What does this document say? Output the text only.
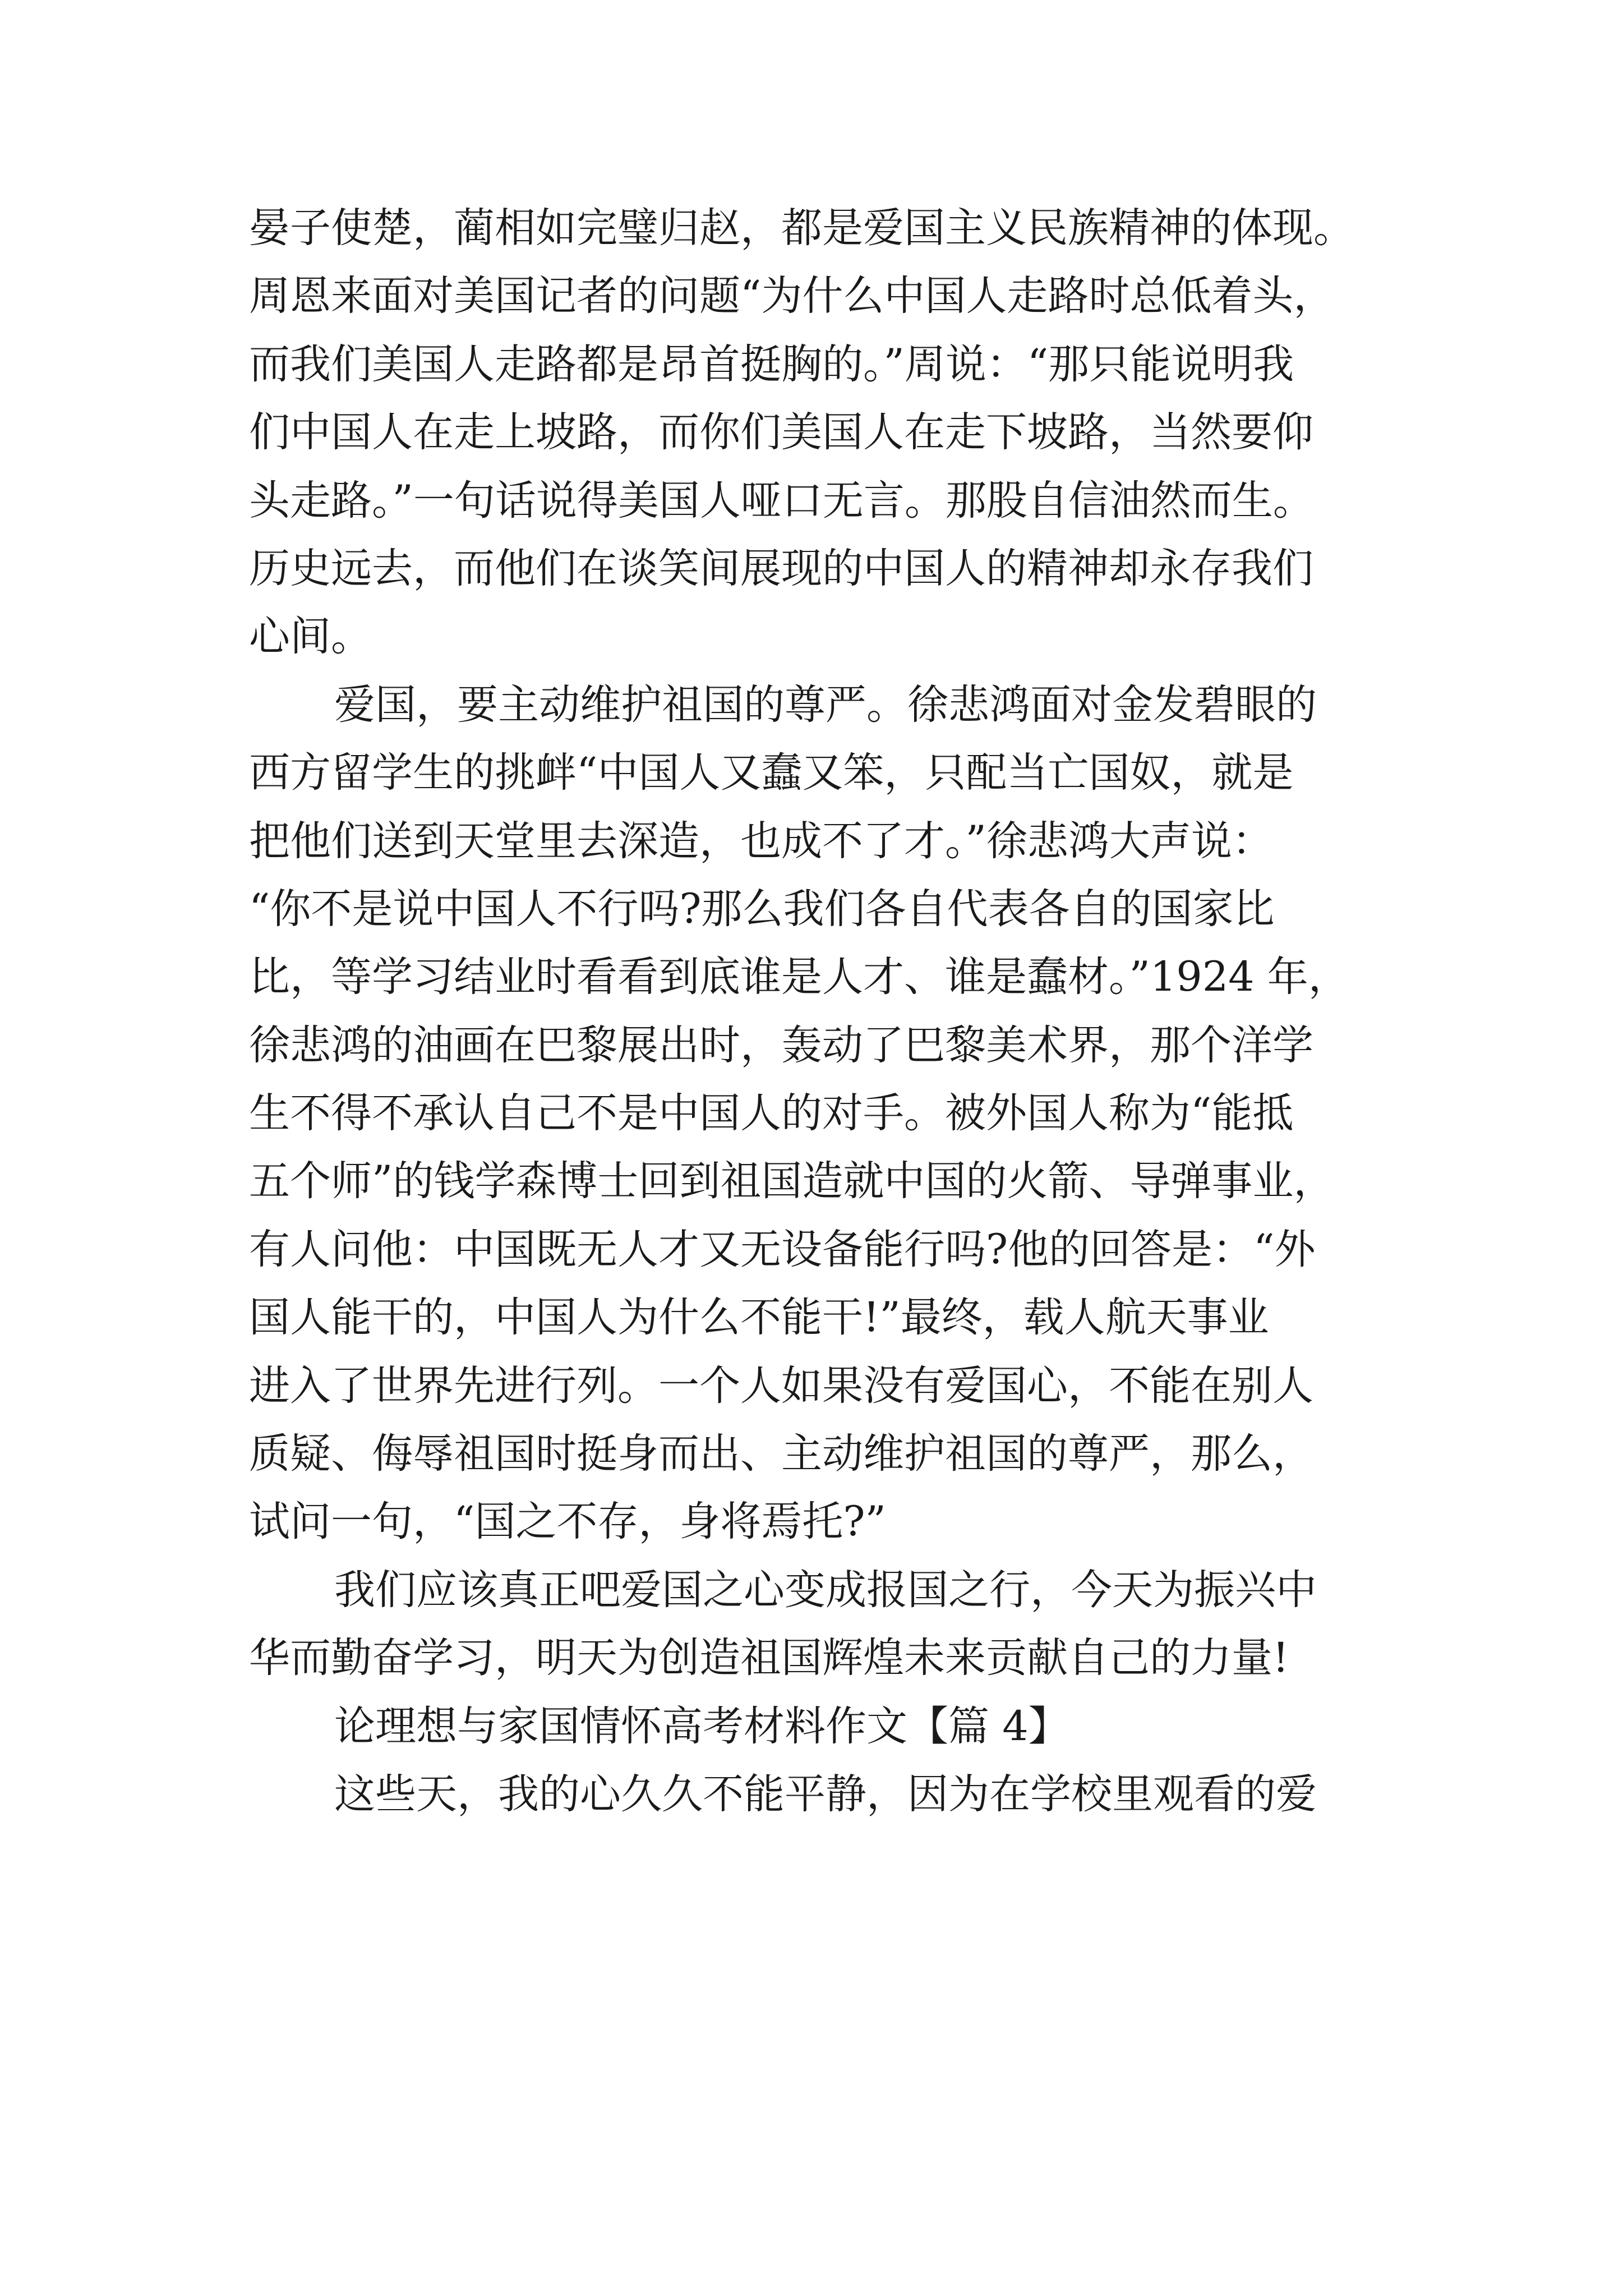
晏子使楚，蔺相如完璧归赵，都是爱国主义民族精神的体现。
周恩来面对美国记者的问题“为什么中国人走路时总低着头，
而我们美国人走路都是昂首挺胸的。”周说：“那只能说明我
们中国人在走上坡路，而你们美国人在走下坡路，当然要仰
头走路。”一句话说得美国人哑口无言。那股自信油然而生。
历史远去，而他们在谈笑间展现的中国人的精神却永存我们
心间。
爱国，要主动维护祖国的尊严。徐悲鸿面对金发碧眼的
西方留学生的挑衅“中国人又蠢又笨，只配当亡国奴，就是
把他们送到天堂里去深造，也成不了才。”徐悲鸿大声说：
“你不是说中国人不行吗?那么我们各自代表各自的国家比
比，等学习结业时看看到底谁是人才、谁是蠢材。”1924 年，
徐悲鸿的油画在巴黎展出时，轰动了巴黎美术界，那个洋学
生不得不承认自己不是中国人的对手。被外国人称为“能抵
五个师”的钱学森博士回到祖国造就中国的火箭、导弹事业，
有人问他：中国既无人才又无设备能行吗?他的回答是：“外
国人能干的，中国人为什么不能干!”最终，载人航天事业
进入了世界先进行列。一个人如果没有爱国心，不能在别人
质疑、侮辱祖国时挺身而出、主动维护祖国的尊严，那么，
试问一句，“国之不存，身将焉托?”
我们应该真正吧爱国之心变成报国之行，今天为振兴中
华而勤奋学习，明天为创造祖国辉煌未来贡献自己的力量!
论理想与家国情怀高考材料作文【篇 4】
这些天，我的心久久不能平静，因为在学校里观看的爱
